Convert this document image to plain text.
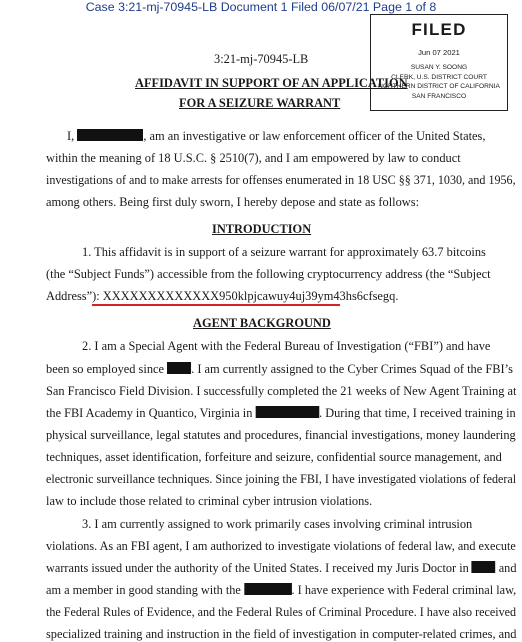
Case 3:21-mj-70945-LB Document 1 Filed 06/07/21 Page 1 of 8
FILED
Jun 07 2021
SUSAN Y. SOONG
CLERK, U.S. DISTRICT COURT
NORTHERN DISTRICT OF CALIFORNIA
SAN FRANCISCO
3:21-mj-70945-LB
AFFIDAVIT IN SUPPORT OF AN APPLICATION
FOR A SEIZURE WARRANT
I,	, am an investigative or law enforcement officer of the United States,
within the meaning of 18 U.S.C. § 2510(7), and I am empowered by law to conduct
investigations of and to make arrests for offenses enumerated in 18 USC §§ 371, 1030, and 1956,
among others. Being first duly sworn, I hereby depose and state as follows:
INTRODUCTION
1. This affidavit is in support of a seizure warrant for approximately 63.7 bitcoins
(the “Subject Funds”) accessible from the following cryptocurrency address (the “Subject
Address”): XXXXXXXXXXXXX950klpjcawuy4uj39ym43hs6cfsegq.
AGENT BACKGROUND
2. I am a Special Agent with the Federal Bureau of Investigation (“FBI”) and have
been so employed since . I am currently assigned to the Cyber Crimes Squad of the FBI’s
San Francisco Field Division. I successfully completed the 21 weeks of New Agent Training at
the FBI Academy in Quantico, Virginia in	. During that time, I received training in
physical surveillance, legal statutes and procedures, financial investigations, money laundering
techniques, asset identification, forfeiture and seizure, confidential source management, and
electronic surveillance techniques. Since joining the FBI, I have investigated violations of federal
law to include those related to criminal cyber intrusion violations.
3. I am currently assigned to work primarily cases involving criminal intrusion
violations. As an FBI agent, I am authorized to investigate violations of federal law, and execute
warrants issued under the authority of the United States. I received my Juris Doctor in and
am a member in good standing with the	. I have experience with Federal criminal law,
the Federal Rules of Evidence, and the Federal Rules of Criminal Procedure. I have also received
specialized training and instruction in the field of investigation in computer-related crimes, and
